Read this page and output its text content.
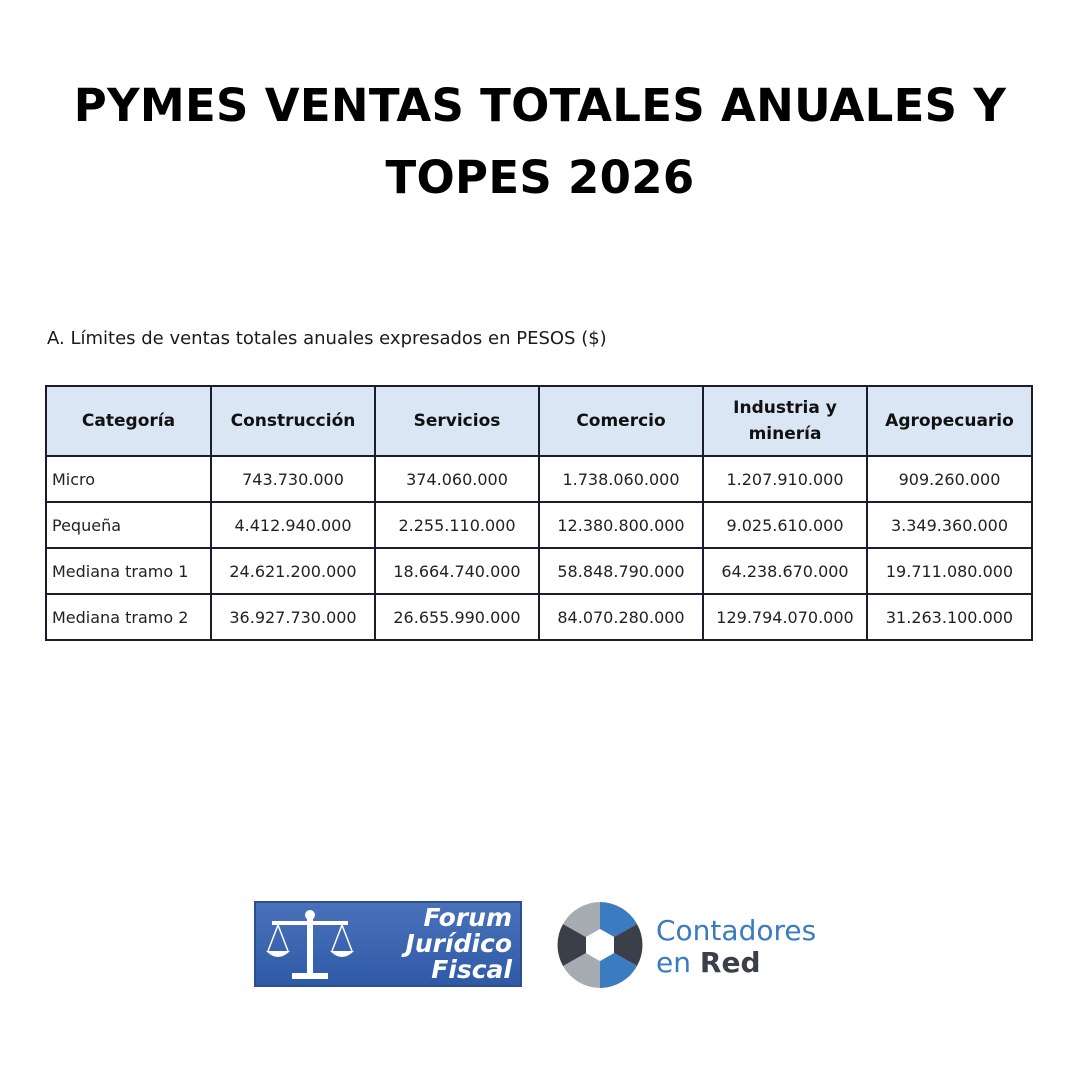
PYMES VENTAS TOTALES ANUALES Y
TOPES 2026
A. Límites de ventas totales anuales expresados en PESOS ($)
Categoría	Construcción	Servicios	Comercio	Industria y minería	Agropecuario
Micro	743.730.000	374.060.000	1.738.060.000	1.207.910.000	909.260.000
Pequeña	4.412.940.000	2.255.110.000	12.380.800.000	9.025.610.000	3.349.360.000
Mediana tramo 1	24.621.200.000	18.664.740.000	58.848.790.000	64.238.670.000	19.711.080.000
Mediana tramo 2	36.927.730.000	26.655.990.000	84.070.280.000	129.794.070.000	31.263.100.000
Forum
Jurídico
Fiscal
Contadores
en Red
